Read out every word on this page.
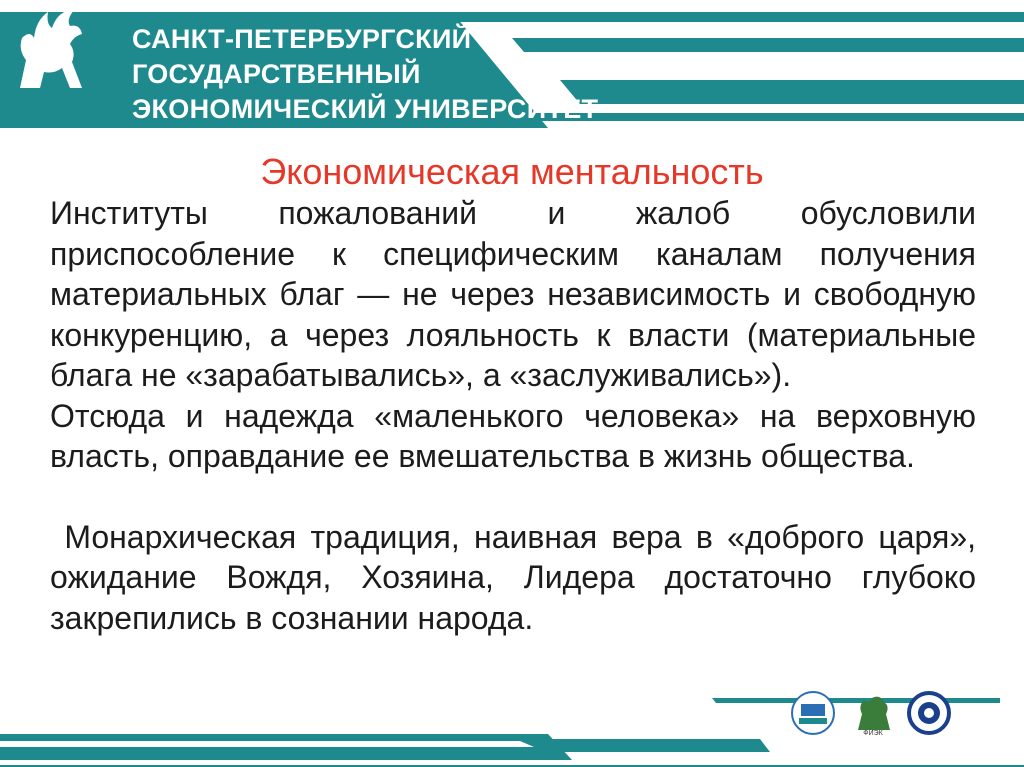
САНКТ-ПЕТЕРБУРГСКИЙ
ГОСУДАРСТВЕННЫЙ
ЭКОНОМИЧЕСКИЙ УНИВЕРСИТЕТ
Экономическая ментальность

Институты пожалований и жалоб обусловили приспособление к специфическим каналам получения материальных благ — не через независимость и свободную конкуренцию, а через лояльность к власти (материальные блага не «зарабатывались», а «заслуживались»).

Отсюда и надежда «маленького человека» на верховную власть, оправдание ее вмешательства в жизнь общества.

Монархическая традиция, наивная вера в «доброго царя», ожидание Вождя, Хозяина, Лидера достаточно глубоко закрепились в сознании народа.

ФИЭК
